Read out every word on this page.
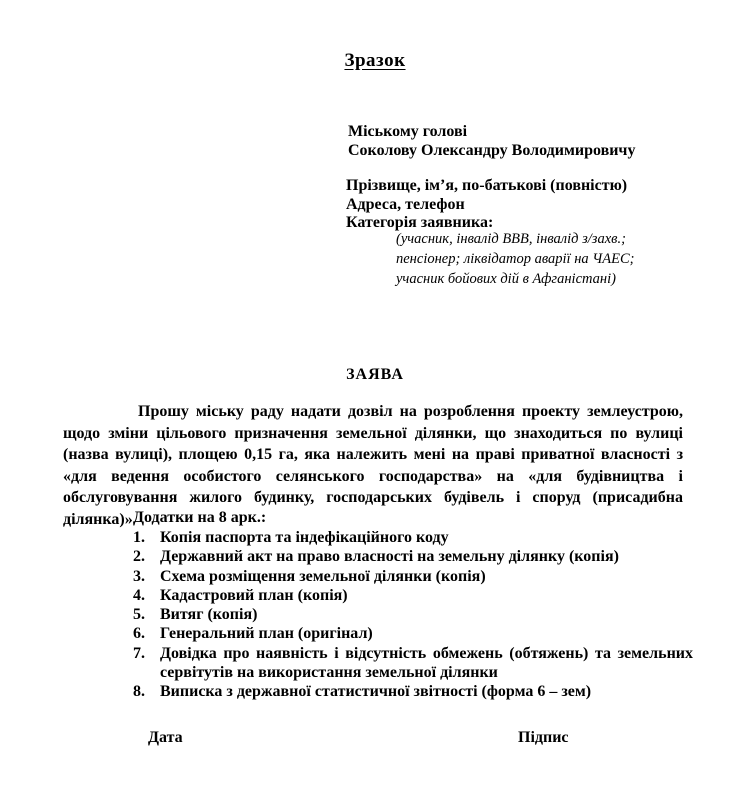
Зразок
Міському голові
Соколову Олександру Володимировичу
Прізвище, ім’я, по-батькові (повністю)
Адреса, телефон
Категорія заявника:
(учасник, інвалід ВВВ, інвалід з/захв.; пенсіонер; ліквідатор аварії на ЧАЕС; учасник бойових дій в Афганістані)
ЗАЯВА
Прошу міську раду надати дозвіл на розроблення проекту землеустрою, щодо зміни цільового призначення земельної ділянки, що знаходиться по вулиці (назва вулиці), площею 0,15 га, яка належить мені на праві приватної власності з «для ведення особистого селянського господарства» на «для будівництва і обслуговування жилого будинку, господарських будівель і споруд (присадибна ділянка)» Додатки на 8 арк.:
1. Копія паспорта та індефікаційного коду
2. Державний акт на право власності на земельну ділянку (копія)
3. Схема розміщення земельної ділянки (копія)
4. Кадастровий план (копія)
5. Витяг (копія)
6. Генеральний план (оригінал)
7. Довідка про наявність і відсутність обмежень (обтяжень) та земельних сервітутів на використання земельної ділянки
8. Виписка з державної статистичної звітності (форма 6 – зем)
Дата	Підпис
